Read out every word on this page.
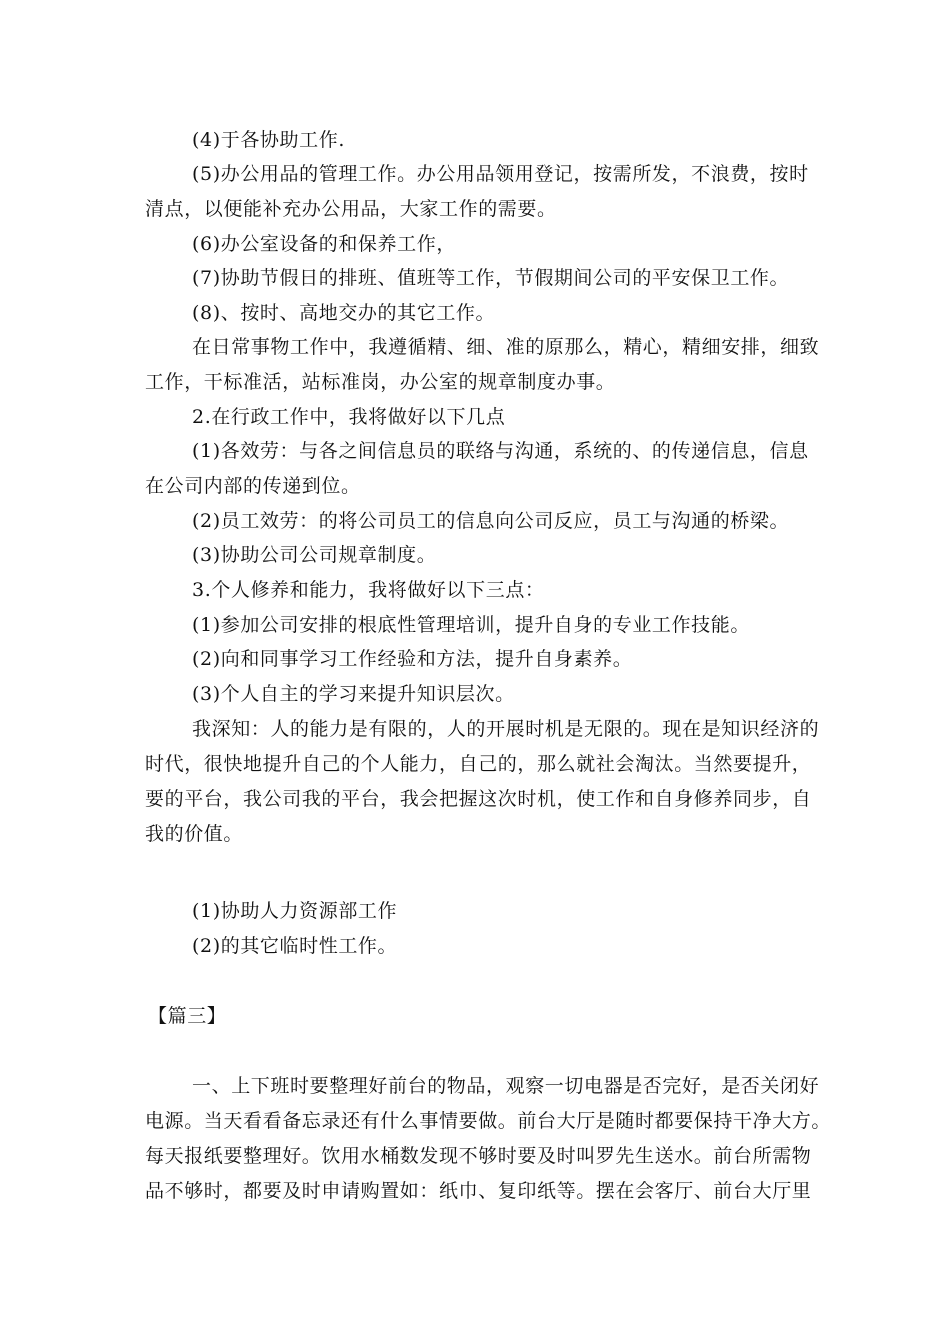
(4)于各协助工作.
(5)办公用品的管理工作。办公用品领用登记，按需所发，不浪费，按时
清点，以便能补充办公用品，大家工作的需要。
(6)办公室设备的和保养工作，
(7)协助节假日的排班、值班等工作，节假期间公司的平安保卫工作。
(8)、按时、高地交办的其它工作。
在日常事物工作中，我遵循精、细、准的原那么，精心，精细安排，细致
工作，干标准活，站标准岗，办公室的规章制度办事。
2.在行政工作中，我将做好以下几点
(1)各效劳：与各之间信息员的联络与沟通，系统的、的传递信息，信息
在公司内部的传递到位。
(2)员工效劳：的将公司员工的信息向公司反应，员工与沟通的桥梁。
(3)协助公司公司规章制度。
3.个人修养和能力，我将做好以下三点：
(1)参加公司安排的根底性管理培训，提升自身的专业工作技能。
(2)向和同事学习工作经验和方法，提升自身素养。
(3)个人自主的学习来提升知识层次。
我深知：人的能力是有限的，人的开展时机是无限的。现在是知识经济的
时代，很快地提升自己的个人能力，自己的，那么就社会淘汰。当然要提升，
要的平台，我公司我的平台，我会把握这次时机，使工作和自身修养同步，自
我的价值。
(1)协助人力资源部工作
(2)的其它临时性工作。
【篇三】
一、上下班时要整理好前台的物品，观察一切电器是否完好，是否关闭好
电源。当天看看备忘录还有什么事情要做。前台大厅是随时都要保持干净大方。
每天报纸要整理好。饮用水桶数发现不够时要及时叫罗先生送水。前台所需物
品不够时，都要及时申请购置如：纸巾、复印纸等。摆在会客厅、前台大厅里
